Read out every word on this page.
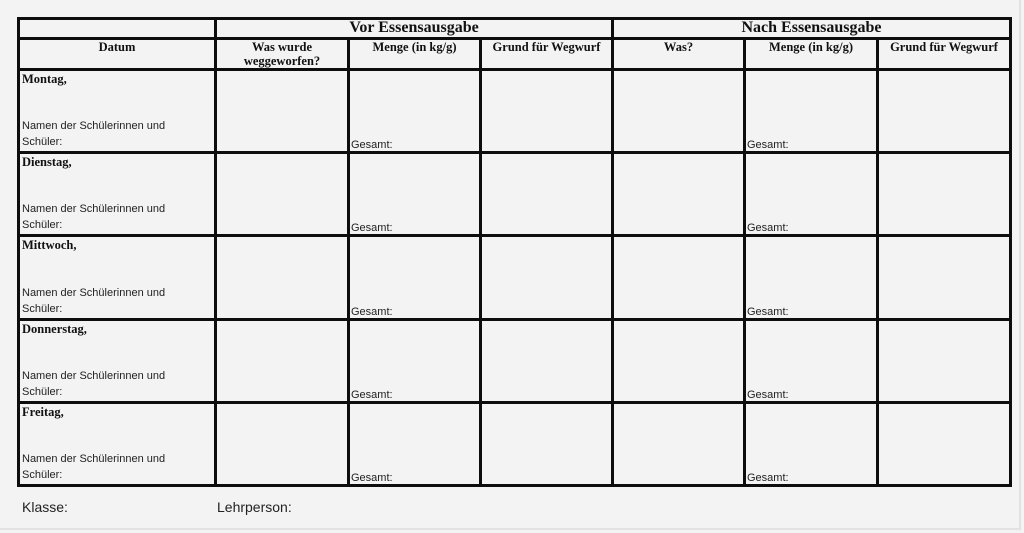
	Vor Essensausgabe			Nach Essensausgabe		
Datum	Was wurde weggeworfen?	Menge (in kg/g)	Grund für Wegwurf	Was?	Menge (in kg/g)	Grund für Wegwurf

Montag,
Namen der Schülerinnen und Schüler:		Gesamt:			Gesamt:	

Dienstag,
Namen der Schülerinnen und Schüler:		Gesamt:			Gesamt:	

Mittwoch,
Namen der Schülerinnen und Schüler:		Gesamt:			Gesamt:	

Donnerstag,
Namen der Schülerinnen und Schüler:		Gesamt:			Gesamt:	

Freitag,
Namen der Schülerinnen und Schüler:		Gesamt:			Gesamt:	

Klasse:	Lehrperson:
